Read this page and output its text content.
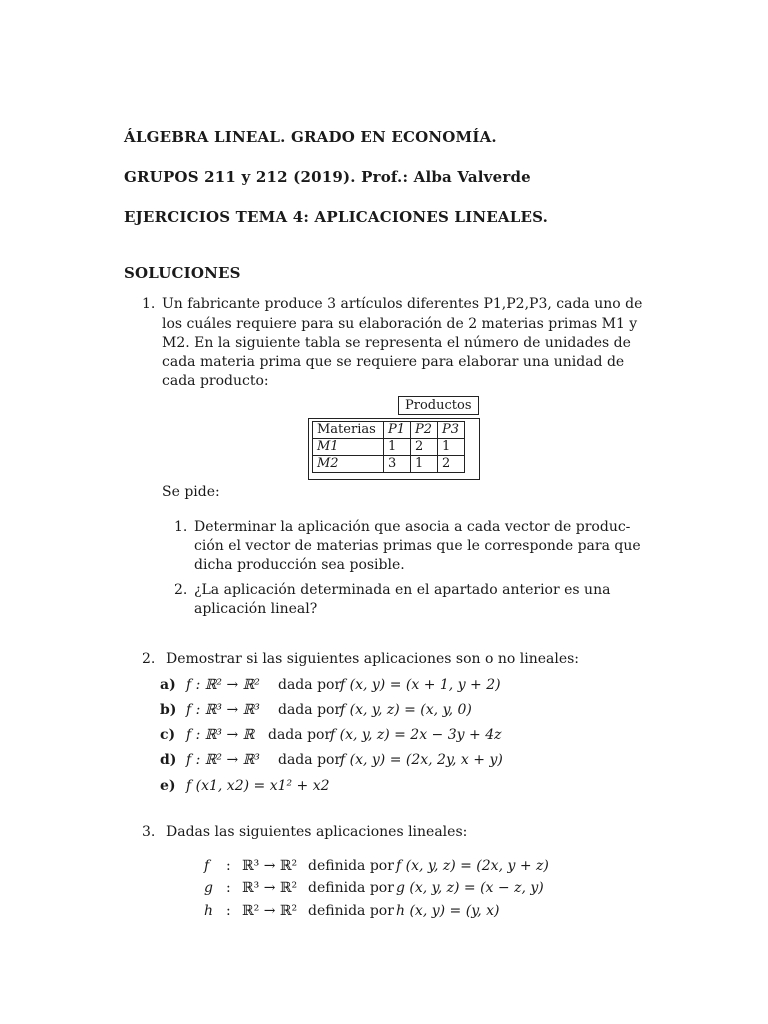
ÁLGEBRA LINEAL. GRADO EN ECONOMÍA.
GRUPOS 211 y 212 (2019). Prof.: Alba Valverde
EJERCICIOS TEMA 4: APLICACIONES LINEALES.
SOLUCIONES
1. Un fabricante produce 3 artículos diferentes P1,P2,P3, cada uno de
los cuáles requiere para su elaboración de 2 materias primas M1 y
M2. En la siguiente tabla se representa el número de unidades de
cada materia prima que se requiere para elaborar una unidad de
cada producto:
Productos
Materias	P1	P2	P3
M1	1	2	1
M2	3	1	2
Se pide:
1. Determinar la aplicación que asocia a cada vector de produc-
ción el vector de materias primas que le corresponde para que
dicha producción sea posible.
2. ¿La aplicación determinada en el apartado anterior es una
aplicación lineal?
2. Demostrar si las siguientes aplicaciones son o no lineales:
a) f : ℝ² → ℝ² dada por
f (x, y) = (x + 1, y + 2)
b) f : ℝ³ → ℝ³ dada por
f (x, y, z) = (x, y, 0)
c) f : ℝ³ → ℝ dada por
f (x, y, z) = 2x − 3y + 4z
d) f : ℝ² → ℝ³ dada por
f (x, y) = (2x, 2y, x + y)
e) f (x1, x2) = x1² + x2
3. Dadas las siguientes aplicaciones lineales:
f : ℝ³ → ℝ² definida por f (x, y, z) = (2x, y + z)
g : ℝ³ → ℝ² definida por g (x, y, z) = (x − z, y)
h : ℝ² → ℝ² definida por h (x, y) = (y, x)
